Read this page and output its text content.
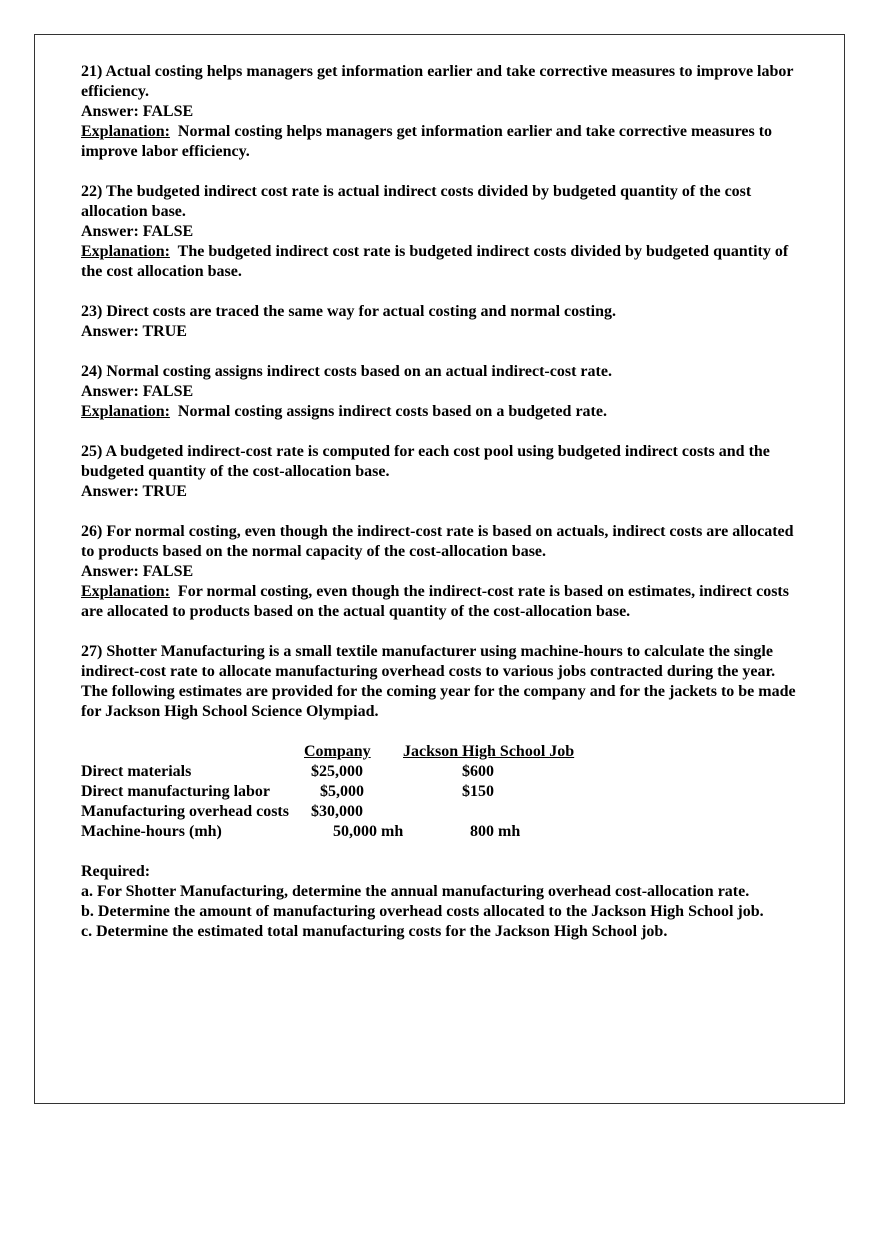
21) Actual costing helps managers get information earlier and take corrective measures to improve labor efficiency.

Answer: FALSE

Explanation: Normal costing helps managers get information earlier and take corrective measures to improve labor efficiency.

22) The budgeted indirect cost rate is actual indirect costs divided by budgeted quantity of the cost allocation base.

Answer: FALSE

Explanation: The budgeted indirect cost rate is budgeted indirect costs divided by budgeted quantity of the cost allocation base.

23) Direct costs are traced the same way for actual costing and normal costing.

Answer: TRUE

24) Normal costing assigns indirect costs based on an actual indirect-cost rate.

Answer: FALSE

Explanation: Normal costing assigns indirect costs based on a budgeted rate.

25) A budgeted indirect-cost rate is computed for each cost pool using budgeted indirect costs and the budgeted quantity of the cost-allocation base.

Answer: TRUE

26) For normal costing, even though the indirect-cost rate is based on actuals, indirect costs are allocated to products based on the normal capacity of the cost-allocation base.

Answer: FALSE

Explanation: For normal costing, even though the indirect-cost rate is based on estimates, indirect costs are allocated to products based on the actual quantity of the cost-allocation base.

27) Shotter Manufacturing is a small textile manufacturer using machine-hours to calculate the single indirect-cost rate to allocate manufacturing overhead costs to various jobs contracted during the year. The following estimates are provided for the coming year for the company and for the jackets to be made for Jackson High School Science Olympiad.

Company Jackson High School Job
Direct materials	$25,000	$600
Direct manufacturing labor	$5,000	$150
Manufacturing overhead costs $30,000
Machine-hours (mh)	50,000 mh	800 mh

Required:

a. For Shotter Manufacturing, determine the annual manufacturing overhead cost-allocation rate.

b. Determine the amount of manufacturing overhead costs allocated to the Jackson High School job.

c. Determine the estimated total manufacturing costs for the Jackson High School job.
